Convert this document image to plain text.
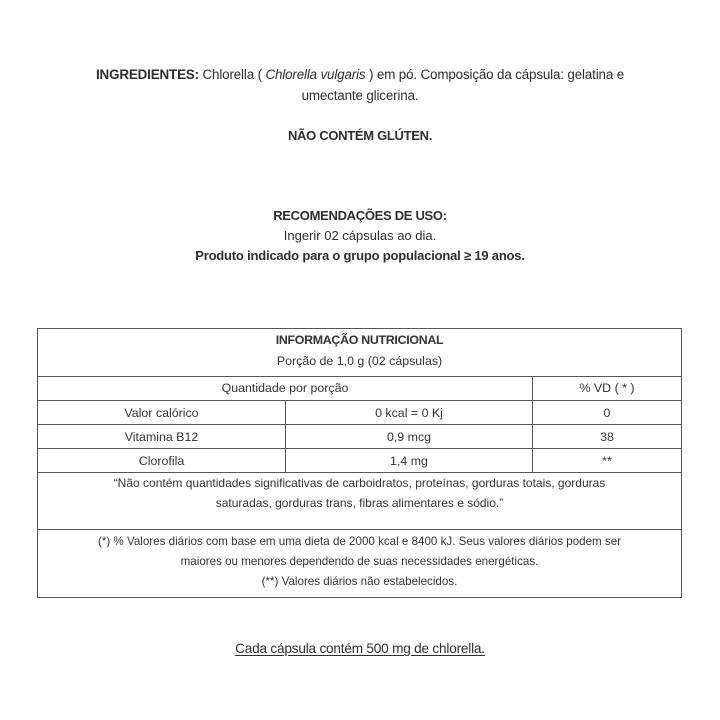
INGREDIENTES: Chlorella ( Chlorella vulgaris ) em pó. Composição da cápsula: gelatina e
umectante glicerina.
NÃO CONTÉM GLÚTEN.
RECOMENDAÇÕES DE USO:
Ingerir 02 cápsulas ao dia.
Produto indicado para o grupo populacional ≥ 19 anos.
INFORMAÇÃO NUTRICIONAL
Porção de 1,0 g (02 cápsulas)
Quantidade por porção	% VD ( * )
Valor calórico	0 kcal = 0 Kj	0
Vitamina B12	0,9 mcg	38
Clorofila	1,4 mg	**
“Não contém quantidades significativas de carboidratos, proteínas, gorduras totais, gorduras
saturadas, gorduras trans, fibras alimentares e sódio.”
(*) % Valores diários com base em uma dieta de 2000 kcal e 8400 kJ. Seus valores diários podem ser
maiores ou menores dependendo de suas necessidades energéticas.
(**) Valores diários não estabelecidos.
Cada cápsula contém 500 mg de chlorella.
